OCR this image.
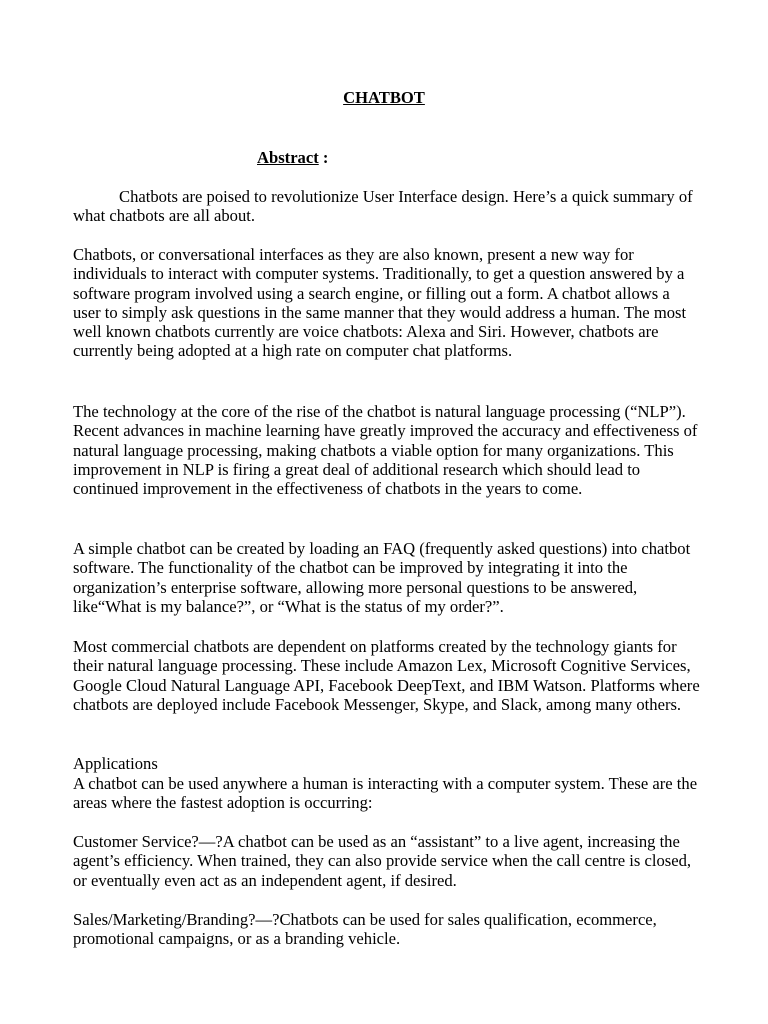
CHATBOT
Abstract :

Chatbots are poised to revolutionize User Interface design. Here’s a quick summary of what chatbots are all about.

Chatbots, or conversational interfaces as they are also known, present a new way for individuals to interact with computer systems. Traditionally, to get a question answered by a software program involved using a search engine, or filling out a form. A chatbot allows a user to simply ask questions in the same manner that they would address a human. The most well known chatbots currently are voice chatbots: Alexa and Siri. However, chatbots are currently being adopted at a high rate on computer chat platforms.

The technology at the core of the rise of the chatbot is natural language processing (“NLP”). Recent advances in machine learning have greatly improved the accuracy and effectiveness of natural language processing, making chatbots a viable option for many organizations. This improvement in NLP is firing a great deal of additional research which should lead to continued improvement in the effectiveness of chatbots in the years to come.

A simple chatbot can be created by loading an FAQ (frequently asked questions) into chatbot software. The functionality of the chatbot can be improved by integrating it into the organization’s enterprise software, allowing more personal questions to be answered, like“What is my balance?”, or “What is the status of my order?”.

Most commercial chatbots are dependent on platforms created by the technology giants for their natural language processing. These include Amazon Lex, Microsoft Cognitive Services, Google Cloud Natural Language API, Facebook DeepText, and IBM Watson. Platforms where chatbots are deployed include Facebook Messenger, Skype, and Slack, among many others.

Applications

A chatbot can be used anywhere a human is interacting with a computer system. These are the areas where the fastest adoption is occurring:

Customer Service?—?A chatbot can be used as an “assistant” to a live agent, increasing the agent’s efficiency. When trained, they can also provide service when the call centre is closed, or eventually even act as an independent agent, if desired.

Sales/Marketing/Branding?—?Chatbots can be used for sales qualification, ecommerce, promotional campaigns, or as a branding vehicle.
